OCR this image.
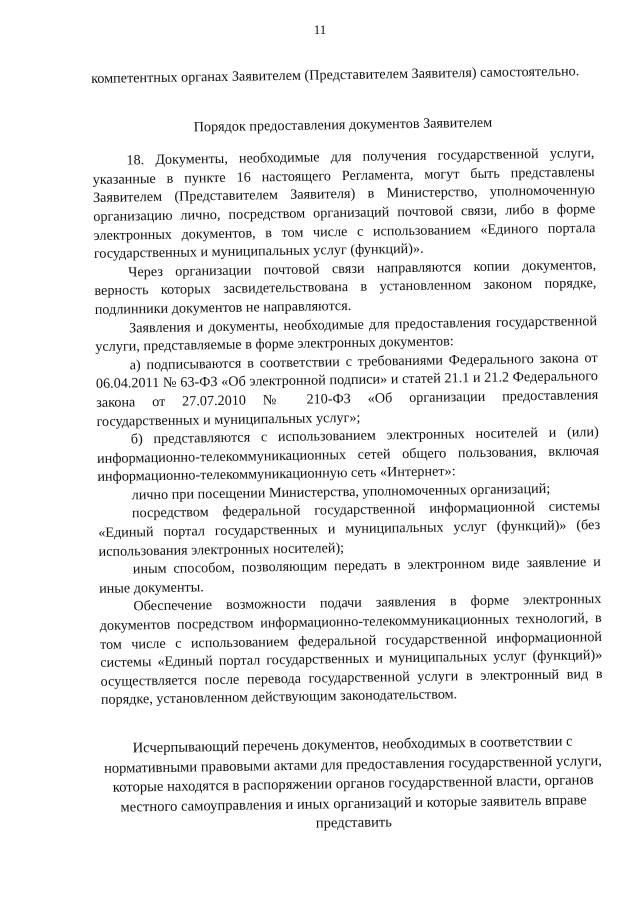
11

компетентных органах Заявителем (Представителем Заявителя) самостоятельно.

Порядок предоставления документов Заявителем

18. Документы, необходимые для получения государственной услуги, указанные в пункте 16 настоящего Регламента, могут быть представлены Заявителем (Представителем Заявителя) в Министерство, уполномоченную организацию лично, посредством организаций почтовой связи, либо в форме электронных документов, в том числе с использованием «Единого портала государственных и муниципальных услуг (функций)».

Через организации почтовой связи направляются копии документов, верность которых засвидетельствована в установленном законом порядке, подлинники документов не направляются.

Заявления и документы, необходимые для предоставления государственной услуги, представляемые в форме электронных документов:

а) подписываются в соответствии с требованиями Федерального закона от 06.04.2011 № 63-ФЗ «Об электронной подписи» и статей 21.1 и 21.2 Федерального закона от 27.07.2010 № 210-ФЗ «Об организации предоставления государственных и муниципальных услуг»;

б) представляются с использованием электронных носителей и (или) информационно-телекоммуникационных сетей общего пользования, включая информационно-телекоммуникационную сеть «Интернет»:

лично при посещении Министерства, уполномоченных организаций;

посредством федеральной государственной информационной системы «Единый портал государственных и муниципальных услуг (функций)» (без использования электронных носителей);

иным способом, позволяющим передать в электронном виде заявление и иные документы.

Обеспечение возможности подачи заявления в форме электронных документов посредством информационно-телекоммуникационных технологий, в том числе с использованием федеральной государственной информационной системы «Единый портал государственных и муниципальных услуг (функций)» осуществляется после перевода государственной услуги в электронный вид в порядке, установленном действующим законодательством.

Исчерпывающий перечень документов, необходимых в соответствии с нормативными правовыми актами для предоставления государственной услуги, которые находятся в распоряжении органов государственной власти, органов местного самоуправления и иных организаций и которые заявитель вправе представить
